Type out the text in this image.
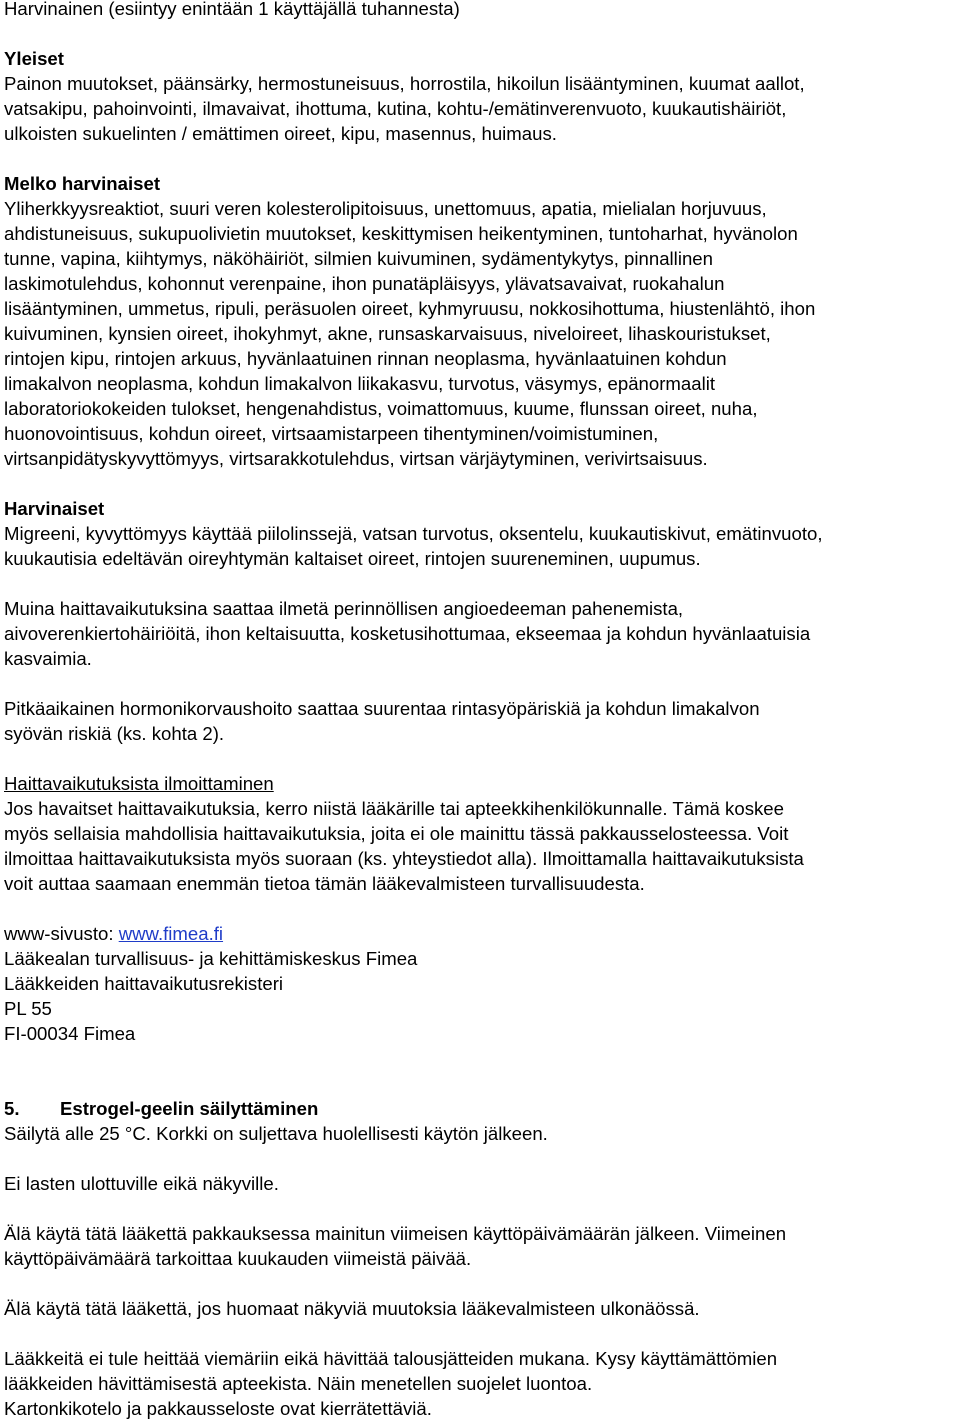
Harvinainen (esiintyy enintään 1 käyttäjällä tuhannesta)

Yleiset

Painon muutokset, päänsärky, hermostuneisuus, horrostila, hikoilun lisääntyminen, kuumat aallot,

vatsakipu, pahoinvointi, ilmavaivat, ihottuma, kutina, kohtu-/emätinverenvuoto, kuukautishäiriöt,

ulkoisten sukuelinten / emättimen oireet, kipu, masennus, huimaus.

Melko harvinaiset

Yliherkkyysreaktiot, suuri veren kolesterolipitoisuus, unettomuus, apatia, mielialan horjuvuus,

ahdistuneisuus, sukupuolivietin muutokset, keskittymisen heikentyminen, tuntoharhat, hyvänolon

tunne, vapina, kiihtymys, näköhäiriöt, silmien kuivuminen, sydämentykytys, pinnallinen

laskimotulehdus, kohonnut verenpaine, ihon punatäpläisyys, ylävatsavaivat, ruokahalun

lisääntyminen, ummetus, ripuli, peräsuolen oireet, kyhmyruusu, nokkosihottuma, hiustenlähtö, ihon

kuivuminen, kynsien oireet, ihokyhmyt, akne, runsaskarvaisuus, niveloireet, lihaskouristukset,

rintojen kipu, rintojen arkuus, hyvänlaatuinen rinnan neoplasma, hyvänlaatuinen kohdun

limakalvon neoplasma, kohdun limakalvon liikakasvu, turvotus, väsymys, epänormaalit

laboratoriokokeiden tulokset, hengenahdistus, voimattomuus, kuume, flunssan oireet, nuha,

huonovointisuus, kohdun oireet, virtsaamistarpeen tihentyminen/voimistuminen,

virtsanpidätyskyvyttömyys, virtsarakkotulehdus, virtsan värjäytyminen, verivirtsaisuus.

Harvinaiset

Migreeni, kyvyttömyys käyttää piilolinssejä, vatsan turvotus, oksentelu, kuukautiskivut, emätinvuoto,

kuukautisia edeltävän oireyhtymän kaltaiset oireet, rintojen suureneminen, uupumus.

Muina haittavaikutuksina saattaa ilmetä perinnöllisen angioedeeman pahenemista,

aivoverenkiertohäiriöitä, ihon keltaisuutta, kosketusihottumaa, ekseemaa ja kohdun hyvänlaatuisia

kasvaimia.

Pitkäaikainen hormonikorvaushoito saattaa suurentaa rintasyöpäriskiä ja kohdun limakalvon

syövän riskiä (ks. kohta 2).

Haittavaikutuksista ilmoittaminen

Jos havaitset haittavaikutuksia, kerro niistä lääkärille tai apteekkihenkilökunnalle. Tämä koskee

myös sellaisia mahdollisia haittavaikutuksia, joita ei ole mainittu tässä pakkausselosteessa. Voit

ilmoittaa haittavaikutuksista myös suoraan (ks. yhteystiedot alla). Ilmoittamalla haittavaikutuksista

voit auttaa saamaan enemmän tietoa tämän lääkevalmisteen turvallisuudesta.

www-sivusto: www.fimea.fi

Lääkealan turvallisuus- ja kehittämiskeskus Fimea

Lääkkeiden haittavaikutusrekisteri

PL 55

FI-00034 Fimea

5.	Estrogel-geelin säilyttäminen

Säilytä alle 25 °C. Korkki on suljettava huolellisesti käytön jälkeen.

Ei lasten ulottuville eikä näkyville.

Älä käytä tätä lääkettä pakkauksessa mainitun viimeisen käyttöpäivämäärän jälkeen. Viimeinen

käyttöpäivämäärä tarkoittaa kuukauden viimeistä päivää.

Älä käytä tätä lääkettä, jos huomaat näkyviä muutoksia lääkevalmisteen ulkonäössä.

Lääkkeitä ei tule heittää viemäriin eikä hävittää talousjätteiden mukana. Kysy käyttämättömien

lääkkeiden hävittämisestä apteekista. Näin menetellen suojelet luontoa.

Kartonkikotelo ja pakkausseloste ovat kierrätettäviä.
